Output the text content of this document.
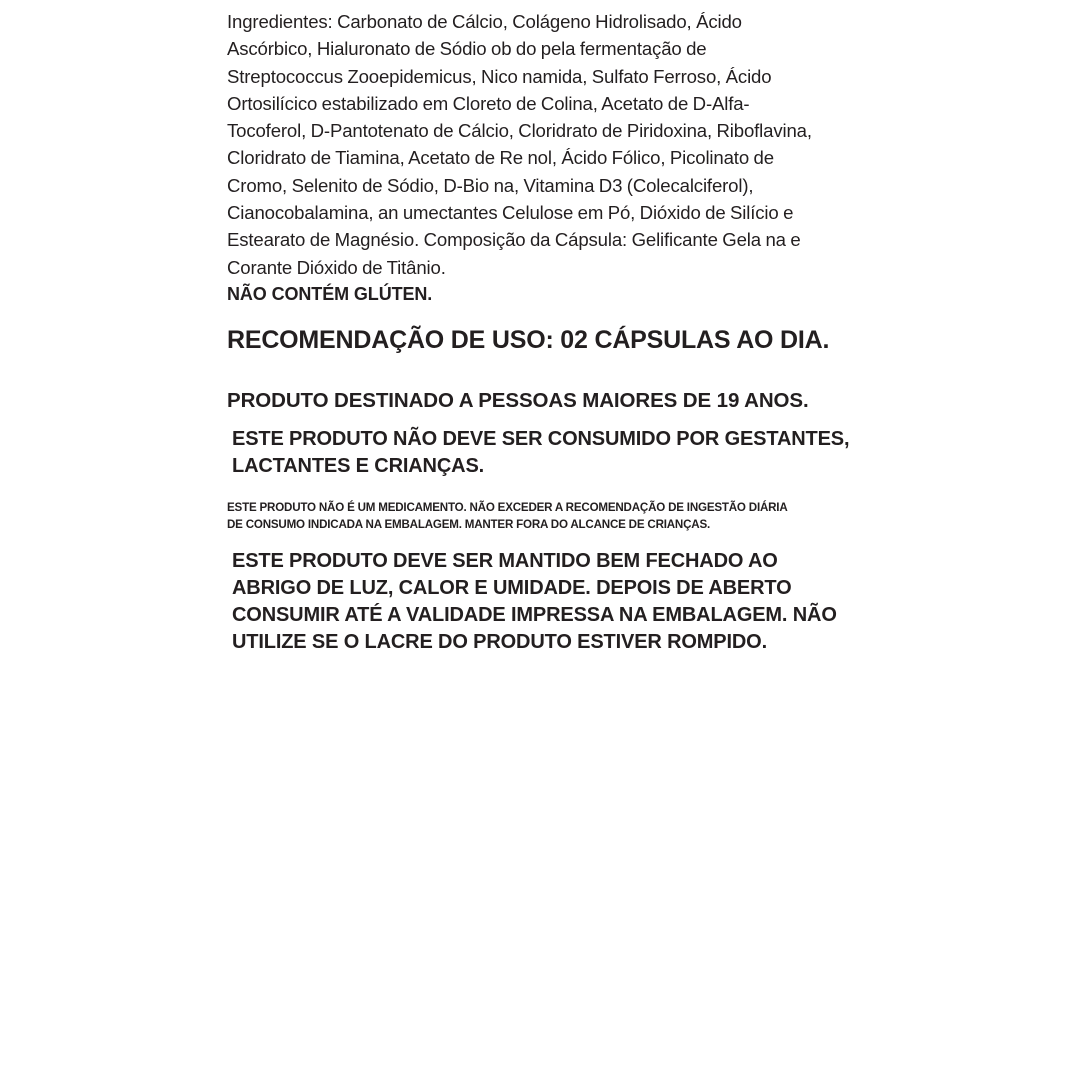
Ingredientes: Carbonato de Cálcio, Colágeno Hidrolisado, Ácido
Ascórbico, Hialuronato de Sódio ob do pela fermentação de
Streptococcus Zooepidemicus, Nico namida, Sulfato Ferroso, Ácido
Ortosilícico estabilizado em Cloreto de Colina, Acetato de D-Alfa-
Tocoferol, D-Pantotenato de Cálcio, Cloridrato de Piridoxina, Riboflavina,
Cloridrato de Tiamina, Acetato de Re nol, Ácido Fólico, Picolinato de
Cromo, Selenito de Sódio, D-Bio na, Vitamina D3 (Colecalciferol),
Cianocobalamina, an umectantes Celulose em Pó, Dióxido de Silício e
Estearato de Magnésio. Composição da Cápsula: Gelificante Gela na e
Corante Dióxido de Titânio.

NÃO CONTÉM GLÚTEN.

RECOMENDAÇÃO DE USO: 02 CÁPSULAS AO DIA.

PRODUTO DESTINADO A PESSOAS MAIORES DE 19 ANOS.

ESTE PRODUTO NÃO DEVE SER CONSUMIDO POR GESTANTES,
LACTANTES E CRIANÇAS.

ESTE PRODUTO NÃO É UM MEDICAMENTO. NÃO EXCEDER A RECOMENDAÇÃO DE INGESTÃO DIÁRIA
DE CONSUMO INDICADA NA EMBALAGEM. MANTER FORA DO ALCANCE DE CRIANÇAS.

ESTE PRODUTO DEVE SER MANTIDO BEM FECHADO AO
ABRIGO DE LUZ, CALOR E UMIDADE. DEPOIS DE ABERTO
CONSUMIR ATÉ A VALIDADE IMPRESSA NA EMBALAGEM. NÃO
UTILIZE SE O LACRE DO PRODUTO ESTIVER ROMPIDO.
